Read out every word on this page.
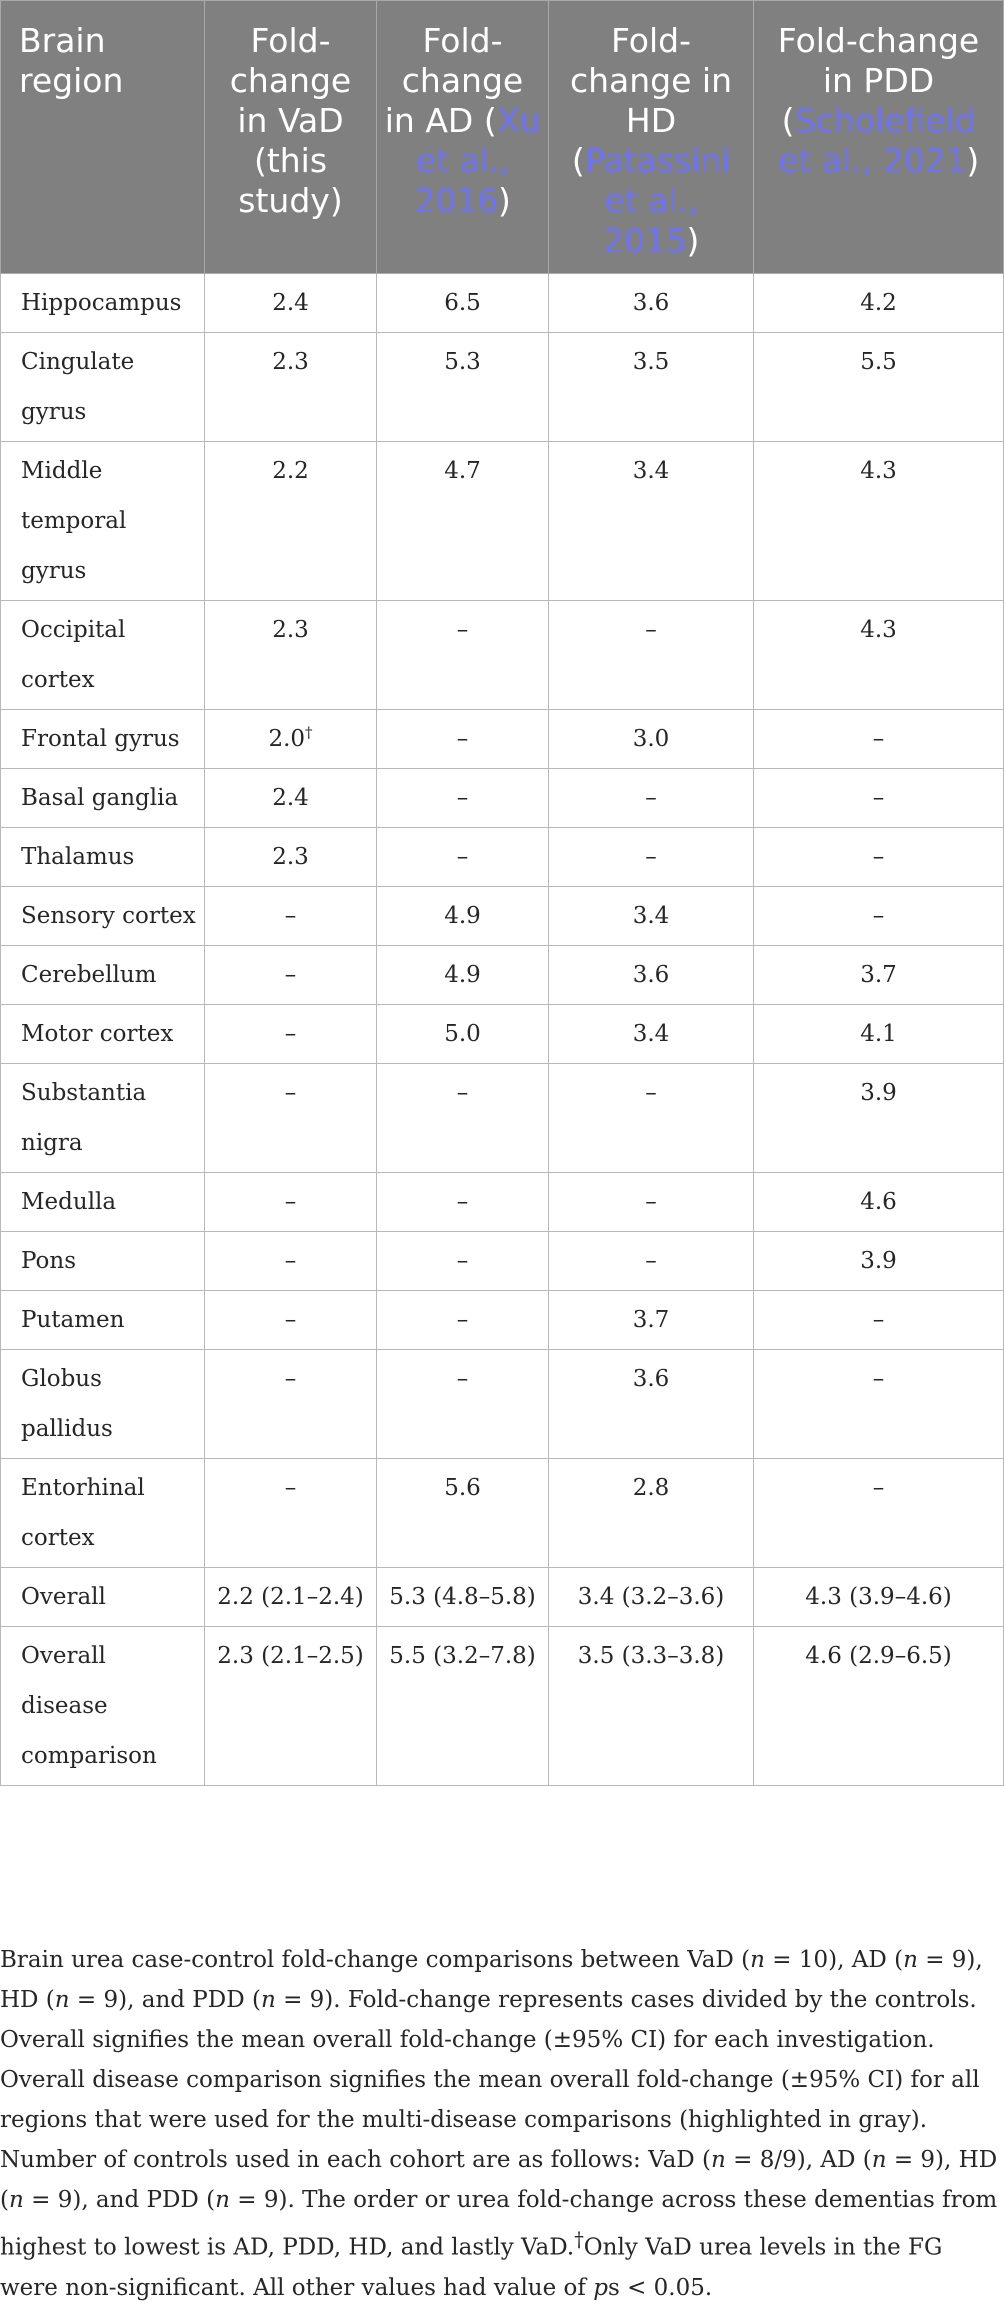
Brain region	Fold-change in VaD (this study)	Fold-change in AD (Xu et al., 2016)	Fold-change in HD (Patassini et al., 2015)	Fold-change in PDD (Scholefield et al., 2021)
Hippocampus	2.4	6.5	3.6	4.2
Cingulate gyrus	2.3	5.3	3.5	5.5
Middle temporal gyrus	2.2	4.7	3.4	4.3
Occipital cortex	2.3	–	–	4.3
Frontal gyrus	2.0†	–	3.0	–
Basal ganglia	2.4	–	–	–
Thalamus	2.3	–	–	–
Sensory cortex	–	4.9	3.4	–
Cerebellum	–	4.9	3.6	3.7
Motor cortex	–	5.0	3.4	4.1
Substantia nigra	–	–	–	3.9
Medulla	–	–	–	4.6
Pons	–	–	–	3.9
Putamen	–	–	3.7	–
Globus pallidus	–	–	3.6	–
Entorhinal cortex	–	5.6	2.8	–
Overall	2.2 (2.1–2.4)	5.3 (4.8–5.8)	3.4 (3.2–3.6)	4.3 (3.9–4.6)
Overall disease comparison	2.3 (2.1–2.5)	5.5 (3.2–7.8)	3.5 (3.3–3.8)	4.6 (2.9–6.5)

Brain urea case-control fold-change comparisons between VaD (n = 10), AD (n = 9), HD (n = 9), and PDD (n = 9). Fold-change represents cases divided by the controls. Overall signifies the mean overall fold-change (±95% CI) for each investigation. Overall disease comparison signifies the mean overall fold-change (±95% CI) for all regions that were used for the multi-disease comparisons (highlighted in gray). Number of controls used in each cohort are as follows: VaD (n = 8/9), AD (n = 9), HD (n = 9), and PDD (n = 9). The order or urea fold-change across these dementias from highest to lowest is AD, PDD, HD, and lastly VaD.†Only VaD urea levels in the FG were non-significant. All other values had value of ps < 0.05.
